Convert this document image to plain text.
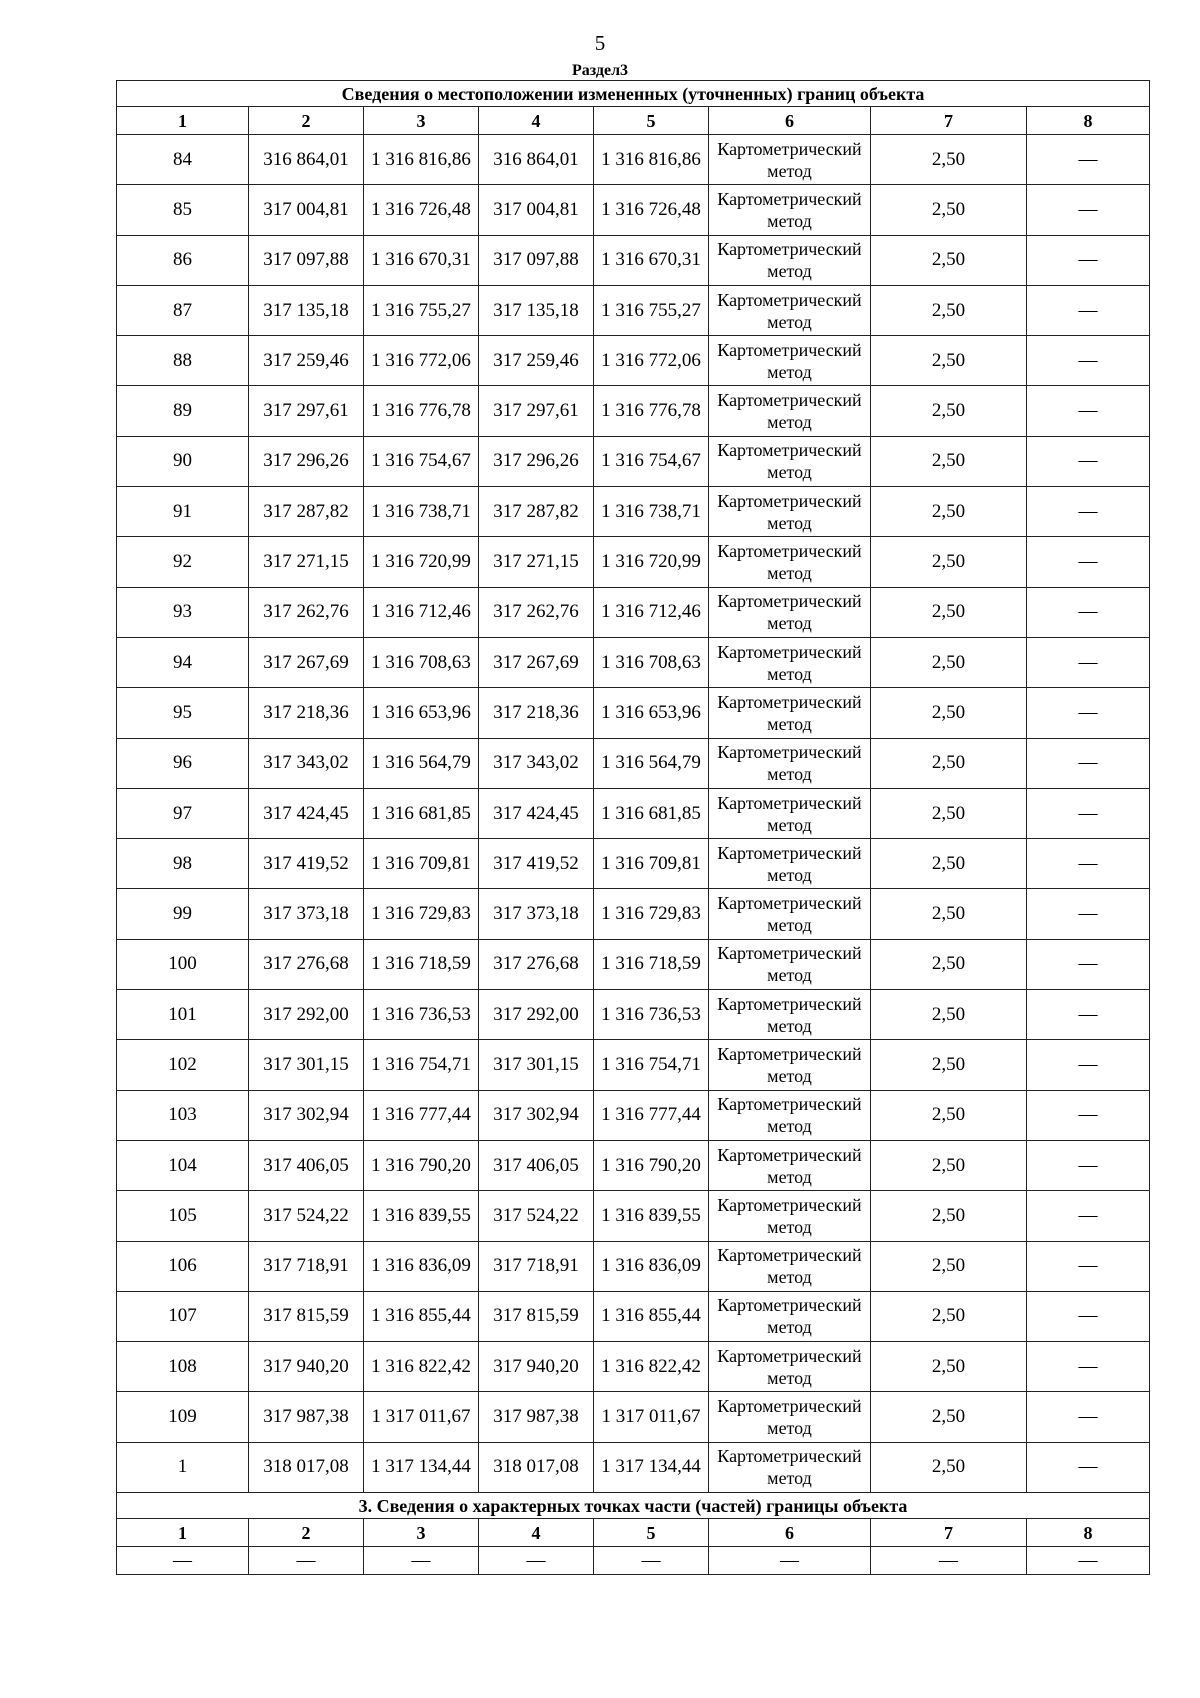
5
Раздел3
Сведения о местоположении измененных (уточненных) границ объекта							
1	2	3	4	5	6	7	8
84	316 864,01	1 316 816,86	316 864,01	1 316 816,86	Картометрический метод	2,50	—
85	317 004,81	1 316 726,48	317 004,81	1 316 726,48	Картометрический метод	2,50	—
86	317 097,88	1 316 670,31	317 097,88	1 316 670,31	Картометрический метод	2,50	—
87	317 135,18	1 316 755,27	317 135,18	1 316 755,27	Картометрический метод	2,50	—
88	317 259,46	1 316 772,06	317 259,46	1 316 772,06	Картометрический метод	2,50	—
89	317 297,61	1 316 776,78	317 297,61	1 316 776,78	Картометрический метод	2,50	—
90	317 296,26	1 316 754,67	317 296,26	1 316 754,67	Картометрический метод	2,50	—
91	317 287,82	1 316 738,71	317 287,82	1 316 738,71	Картометрический метод	2,50	—
92	317 271,15	1 316 720,99	317 271,15	1 316 720,99	Картометрический метод	2,50	—
93	317 262,76	1 316 712,46	317 262,76	1 316 712,46	Картометрический метод	2,50	—
94	317 267,69	1 316 708,63	317 267,69	1 316 708,63	Картометрический метод	2,50	—
95	317 218,36	1 316 653,96	317 218,36	1 316 653,96	Картометрический метод	2,50	—
96	317 343,02	1 316 564,79	317 343,02	1 316 564,79	Картометрический метод	2,50	—
97	317 424,45	1 316 681,85	317 424,45	1 316 681,85	Картометрический метод	2,50	—
98	317 419,52	1 316 709,81	317 419,52	1 316 709,81	Картометрический метод	2,50	—
99	317 373,18	1 316 729,83	317 373,18	1 316 729,83	Картометрический метод	2,50	—
100	317 276,68	1 316 718,59	317 276,68	1 316 718,59	Картометрический метод	2,50	—
101	317 292,00	1 316 736,53	317 292,00	1 316 736,53	Картометрический метод	2,50	—
102	317 301,15	1 316 754,71	317 301,15	1 316 754,71	Картометрический метод	2,50	—
103	317 302,94	1 316 777,44	317 302,94	1 316 777,44	Картометрический метод	2,50	—
104	317 406,05	1 316 790,20	317 406,05	1 316 790,20	Картометрический метод	2,50	—
105	317 524,22	1 316 839,55	317 524,22	1 316 839,55	Картометрический метод	2,50	—
106	317 718,91	1 316 836,09	317 718,91	1 316 836,09	Картометрический метод	2,50	—
107	317 815,59	1 316 855,44	317 815,59	1 316 855,44	Картометрический метод	2,50	—
108	317 940,20	1 316 822,42	317 940,20	1 316 822,42	Картометрический метод	2,50	—
109	317 987,38	1 317 011,67	317 987,38	1 317 011,67	Картометрический метод	2,50	—
1	318 017,08	1 317 134,44	318 017,08	1 317 134,44	Картометрический метод	2,50	—
3. Сведения о характерных точках части (частей) границы объекта							
1	2	3	4	5	6	7	8
—	—	—	—	—	—	—	—
